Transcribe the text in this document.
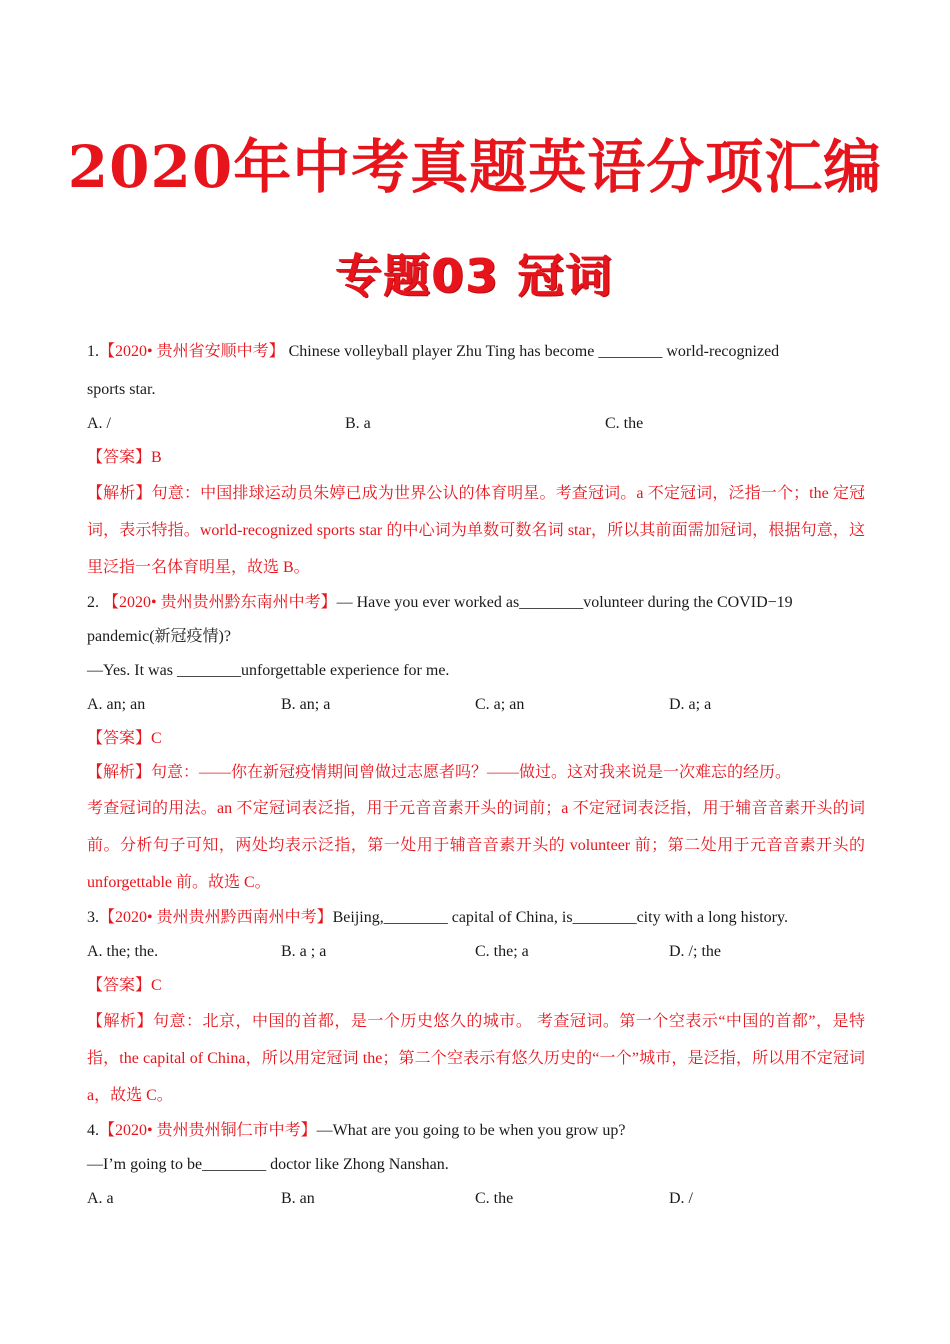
2020年中考真题英语分项汇编
专题03 冠词
1.【2020• 贵州省安顺中考】 Chinese volleyball player Zhu Ting has become ________ world-recognized
sports star.
A. /	B. a	C. the
【答案】B
【解析】句意：中国排球运动员朱婷已成为世界公认的体育明星。考查冠词。a 不定冠词，泛指一个；the 定冠词，表示特指。world-recognized sports star 的中心词为单数可数名词 star，所以其前面需加冠词，根据句意，这里泛指一名体育明星，故选 B。
2. 【2020• 贵州贵州黔东南州中考】— Have you ever worked as________volunteer during the COVID−19
pandemic(新冠疫情)?
—Yes. It was ________unforgettable experience for me.
A. an; an	B. an; a	C. a; an	D. a; a
【答案】C
【解析】句意：——你在新冠疫情期间曾做过志愿者吗？——做过。这对我来说是一次难忘的经历。
考查冠词的用法。an 不定冠词表泛指，用于元音音素开头的词前；a 不定冠词表泛指，用于辅音音素开头的词前。分析句子可知，两处均表示泛指，第一处用于辅音音素开头的 volunteer 前；第二处用于元音音素开头的 unforgettable 前。故选 C。
3.【2020• 贵州贵州黔西南州中考】Beijing,________ capital of China, is________city with a long history.
A. the; the.	B. a ; a	C. the; a	D. /; the
【答案】C
【解析】句意：北京，中国的首都，是一个历史悠久的城市。 考查冠词。第一个空表示“中国的首都”，是特指，the capital of China，所以用定冠词 the；第二个空表示有悠久历史的“一个”城市，是泛指，所以用不定冠词 a，故选 C。
4.【2020• 贵州贵州铜仁市中考】—What are you going to be when you grow up?
—I’m going to be________ doctor like Zhong Nanshan.
A. a	B. an	C. the	D. /
